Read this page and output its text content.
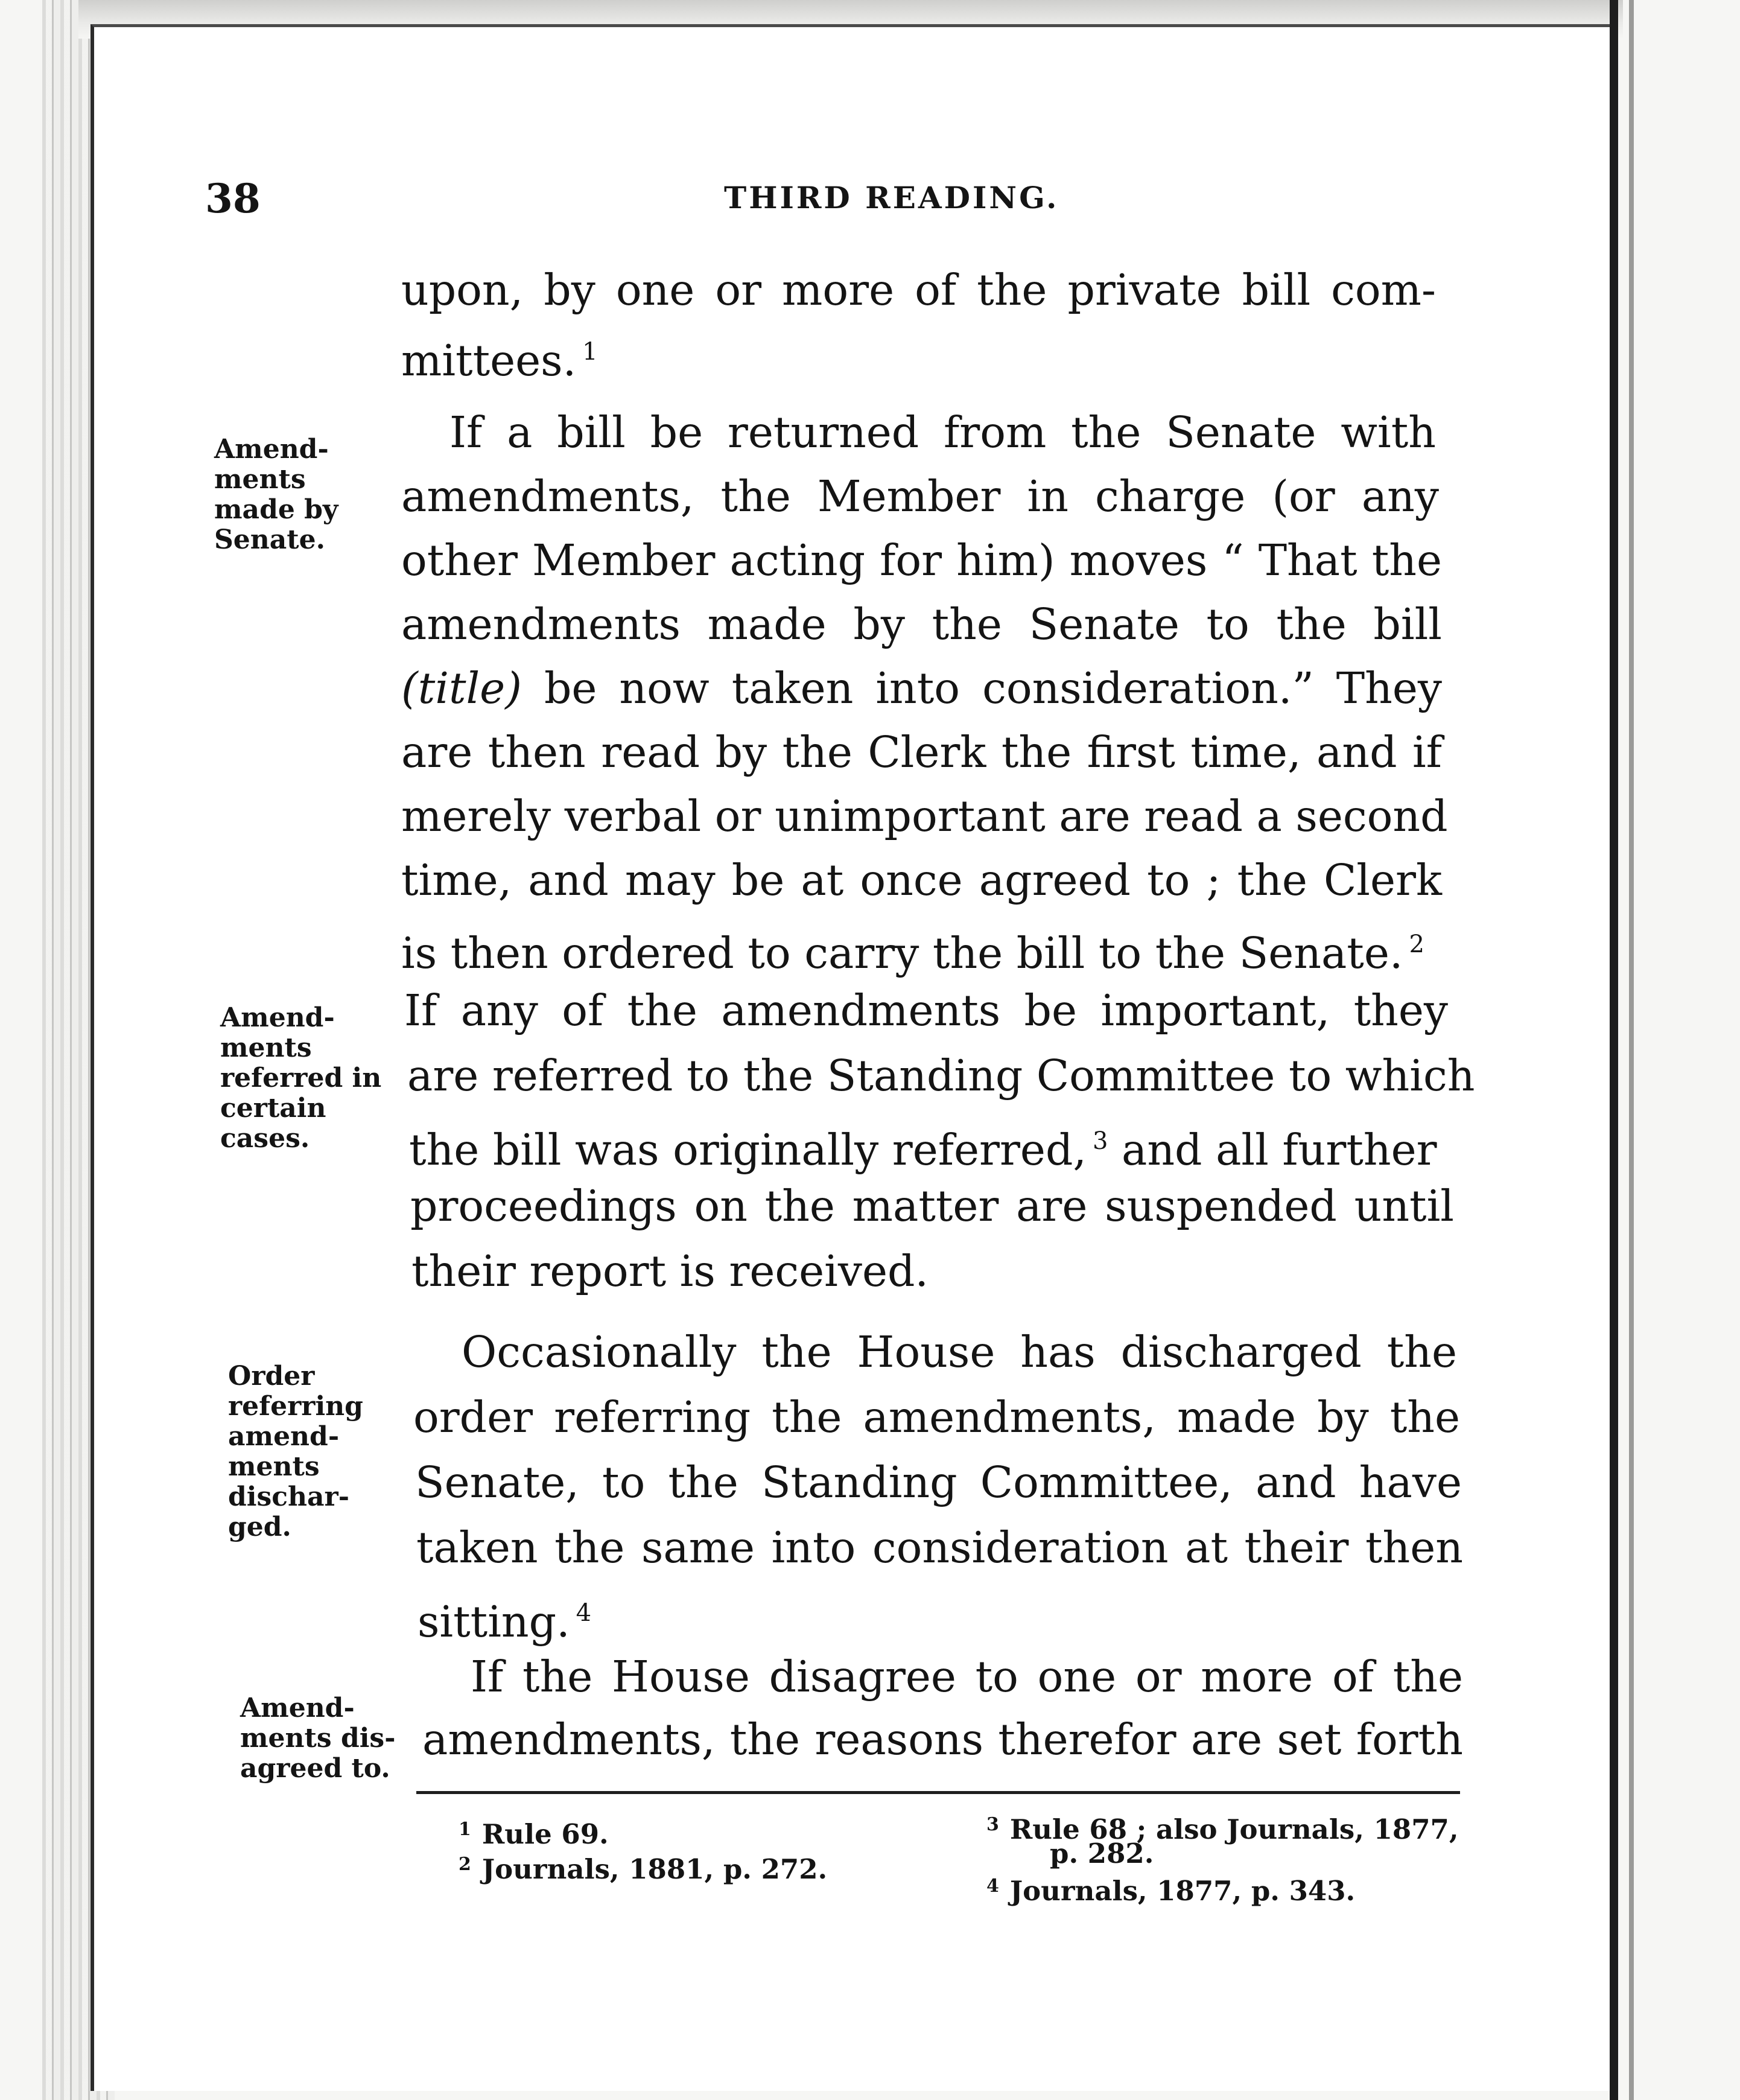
38	THIRD READING.
upon, by one or more of the private bill com-
mittees. $^1$
If a bill be returned from the Senate with
amendments, the Member in charge (or any
other Member acting for him) moves “ That the
amendments made by the Senate to the bill
(title) be now taken into consideration.” They
are then read by the Clerk the first time, and if
merely verbal or unimportant are read a second
time, and may be at once agreed to ; the Clerk
is then ordered to carry the bill to the Senate. $^2$
If any of the amendments be important, they
are referred to the Standing Committee to which
the bill was originally referred, $^3$ and all further
proceedings on the matter are suspended until
their report is received.
Occasionally the House has discharged the
order referring the amendments, made by the
Senate, to the Standing Committee, and have
taken the same into consideration at their then
sitting. $^4$
If the House disagree to one or more of the
amendments, the reasons therefor are set forth
Amend-
ments
made by
Senate.
Amend-
ments
referred in
certain
cases.
Order
referring
amend-
ments
dischar-
ged.
Amend-
ments dis-
agreed to.
$^1$ Rule 69.
$^2$ Journals, 1881, p. 272.
$^3$ Rule 68 ; also Journals, 1877,
p. 282.
$^4$ Journals, 1877, p. 343.
